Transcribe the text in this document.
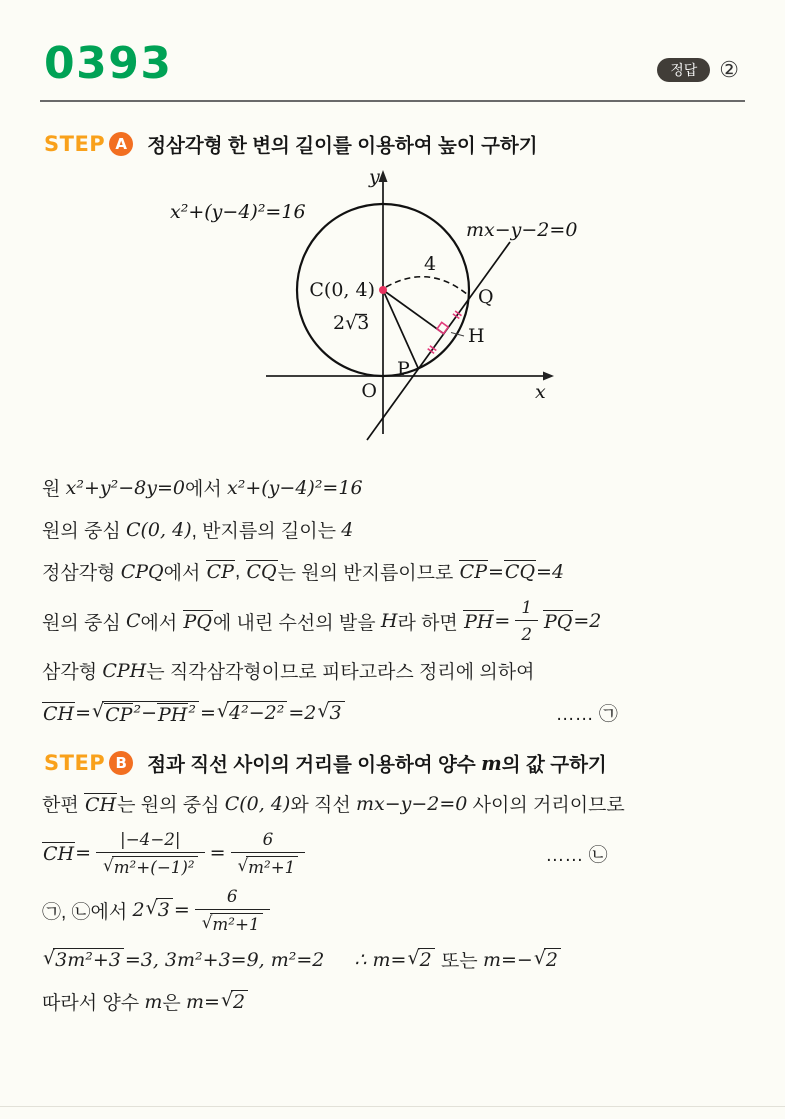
0393	정답	②
STEP A	정삼각형 한 변의 길이를 이용하여 높이 구하기
x²+(y−4)²=16
mx−y−2=0
y
x
O
C(0, 4)
4
2√3
P
Q
H
원 x²+y²−8y=0 에서 x²+(y−4)²=16
원의 중심 C(0, 4) , 반지름의 길이는 4
정삼각형 CPQ 에서 CP , CQ 는 원의 반지름이므로 CP = CQ =4
원의 중심 C 에서 PQ 에 내린 수선의 발을 H 라 하면 PH = $\frac{1}{2}$ PQ =2
삼각형 CPH 는 직각삼각형이므로 피타고라스 정리에 의하여
CH = √ CP ²− PH ² = √ 4²−2² =2 √ 3	…… ㉠
STEP B	점과 직선 사이의 거리를 이용하여 양수 m 의 값 구하기
한편 CH 는 원의 중심 C(0, 4) 와 직선 mx−y−2=0 사이의 거리이므로
CH = $\frac{|-4-2|}{\text{√ m²+(−1)²}} = \frac{6}{\text{√ m²+1}}$	…… ㉡
㉠, ㉡에서 2 √ $3 = \frac{6}{\text{√ m²+1}}$
√ 3m²+3 =3, 3m²+3=9, m²=2 ∴ m= √ 2 또는 m=− √ 2
따라서 양수 m 은 m= √ 2
